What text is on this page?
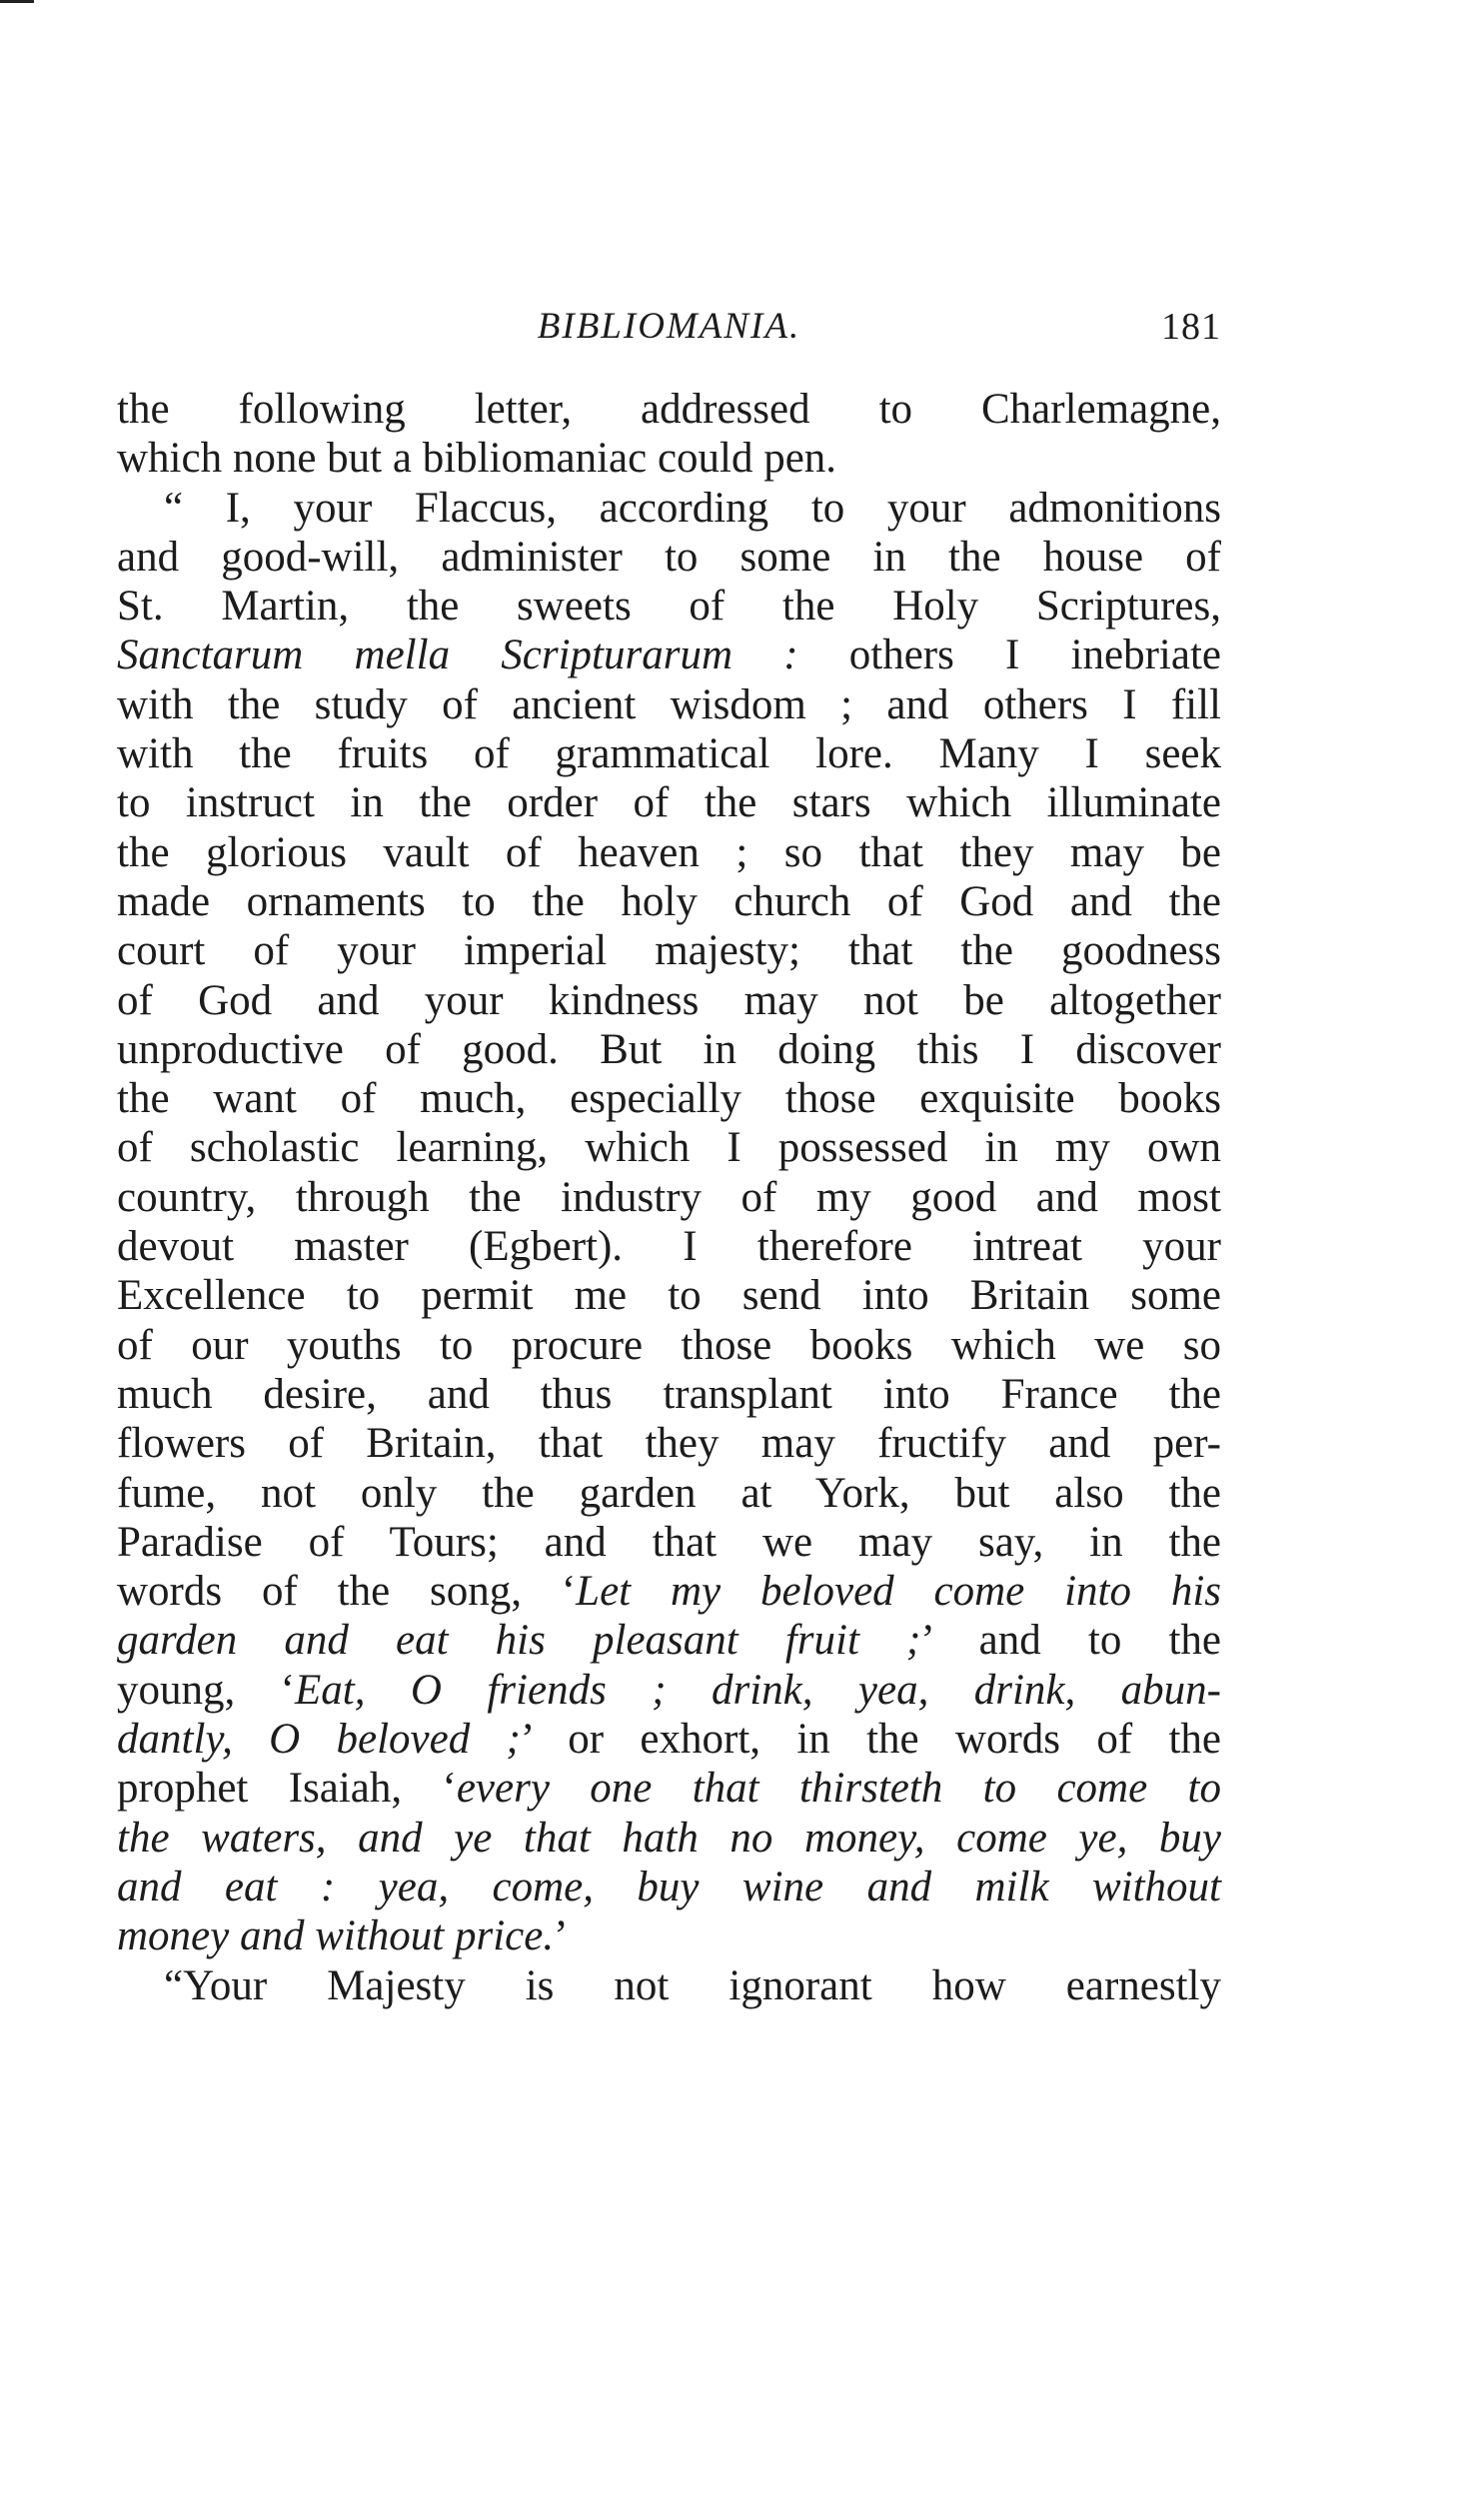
BIBLIOMANIA.	181
the following letter, addressed to Charlemagne,
which none but a bibliomaniac could pen.
“ I, your Flaccus, according to your admonitions
and good-will, administer to some in the house of
St. Martin, the sweets of the Holy Scriptures,
Sanctarum mella Scripturarum : others I inebriate
with the study of ancient wisdom ; and others I fill
with the fruits of grammatical lore. Many I seek
to instruct in the order of the stars which illuminate
the glorious vault of heaven ; so that they may be
made ornaments to the holy church of God and the
court of your imperial majesty; that the goodness
of God and your kindness may not be altogether
unproductive of good. But in doing this I discover
the want of much, especially those exquisite books
of scholastic learning, which I possessed in my own
country, through the industry of my good and most
devout master (Egbert). I therefore intreat your
Excellence to permit me to send into Britain some
of our youths to procure those books which we so
much desire, and thus transplant into France the
flowers of Britain, that they may fructify and per-
fume, not only the garden at York, but also the
Paradise of Tours; and that we may say, in the
words of the song, ‘Let my beloved come into his
garden and eat his pleasant fruit ;’ and to the
young, ‘Eat, O friends ; drink, yea, drink, abun-
dantly, O beloved ;’ or exhort, in the words of the
prophet Isaiah, ‘every one that thirsteth to come to
the waters, and ye that hath no money, come ye, buy
and eat : yea, come, buy wine and milk without
money and without price.’
“Your Majesty is not ignorant how earnestly
